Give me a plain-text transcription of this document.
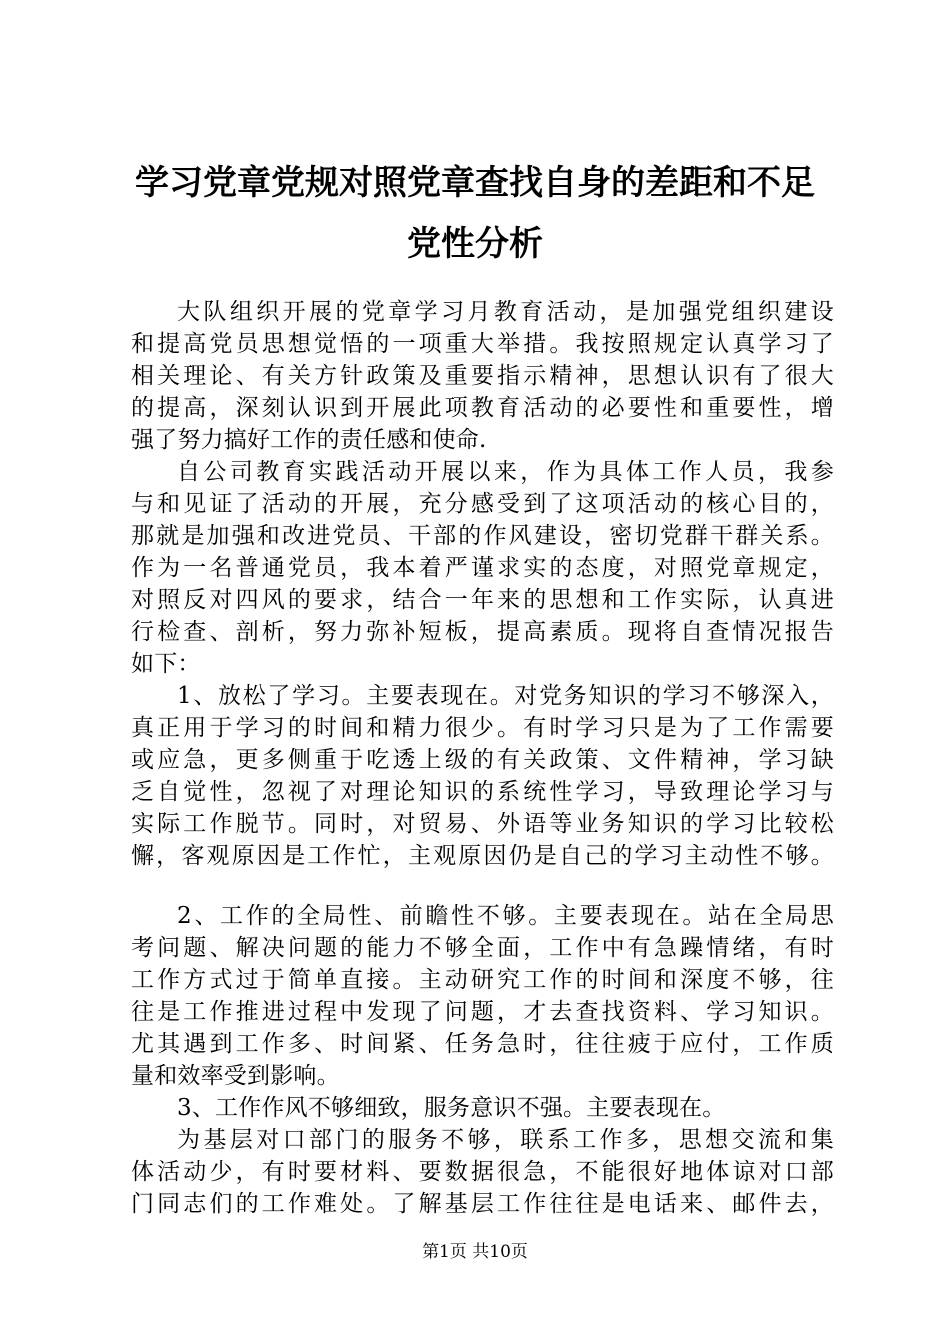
学习党章党规对照党章查找自身的差距和不足
党性分析
大队组织开展的党章学习月教育活动，是加强党组织建设
和提高党员思想觉悟的一项重大举措。我按照规定认真学习了
相关理论、有关方针政策及重要指示精神，思想认识有了很大
的提高，深刻认识到开展此项教育活动的必要性和重要性，增
强了努力搞好工作的责任感和使命.
自公司教育实践活动开展以来，作为具体工作人员，我参
与和见证了活动的开展，充分感受到了这项活动的核心目的，
那就是加强和改进党员、干部的作风建设，密切党群干群关系。
作为一名普通党员，我本着严谨求实的态度，对照党章规定，
对照反对四风的要求，结合一年来的思想和工作实际，认真进
行检查、剖析，努力弥补短板，提高素质。现将自查情况报告
如下：
1、放松了学习。主要表现在。对党务知识的学习不够深入，
真正用于学习的时间和精力很少。有时学习只是为了工作需要
或应急，更多侧重于吃透上级的有关政策、文件精神，学习缺
乏自觉性，忽视了对理论知识的系统性学习，导致理论学习与
实际工作脱节。同时，对贸易、外语等业务知识的学习比较松
懈，客观原因是工作忙，主观原因仍是自己的学习主动性不够。
2、工作的全局性、前瞻性不够。主要表现在。站在全局思
考问题、解决问题的能力不够全面，工作中有急躁情绪，有时
工作方式过于简单直接。主动研究工作的时间和深度不够，往
往是工作推进过程中发现了问题，才去查找资料、学习知识。
尤其遇到工作多、时间紧、任务急时，往往疲于应付，工作质
量和效率受到影响。
3、工作作风不够细致，服务意识不强。主要表现在。
为基层对口部门的服务不够，联系工作多，思想交流和集
体活动少，有时要材料、要数据很急，不能很好地体谅对口部
门同志们的工作难处。了解基层工作往往是电话来、邮件去，
第1页 共10页
